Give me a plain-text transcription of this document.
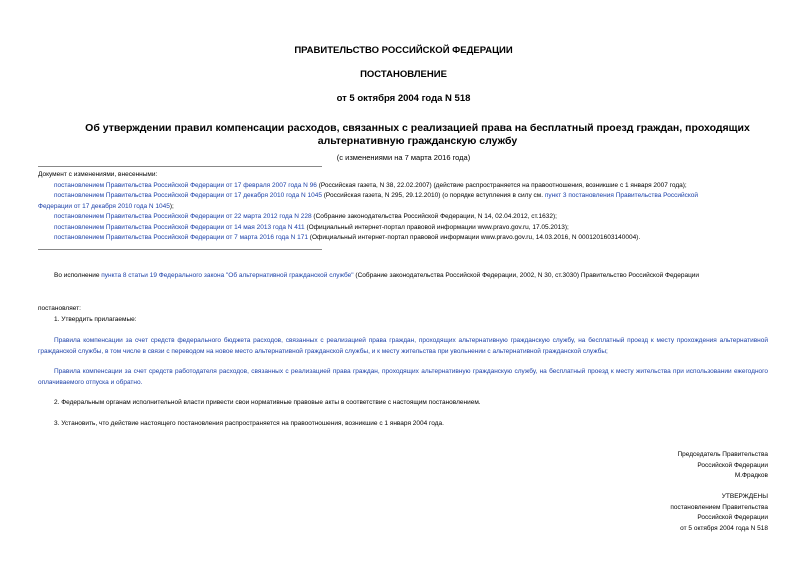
ПРАВИТЕЛЬСТВО РОССИЙСКОЙ ФЕДЕРАЦИИ
ПОСТАНОВЛЕНИЕ
от 5 октября 2004 года N 518
Об утверждении правил компенсации расходов, связанных с реализацией права на бесплатный проезд граждан, проходящих альтернативную гражданскую службу
(с изменениями на 7 марта 2016 года)
Документ с изменениями, внесенными:
постановлением Правительства Российской Федерации от 17 февраля 2007 года N 96 (Российская газета, N 38, 22.02.2007) (действие распространяется на правоотношения, возникшие с 1 января 2007 года);
постановлением Правительства Российской Федерации от 17 декабря 2010 года N 1045 (Российская газета, N 295, 29.12.2010) (о порядке вступления в силу см. пункт 3 постановления Правительства Российской
Федерации от 17 декабря 2010 года N 1045);
постановлением Правительства Российской Федерации от 22 марта 2012 года N 228 (Собрание законодательства Российской Федерации, N 14, 02.04.2012, ст.1632);
постановлением Правительства Российской Федерации от 14 мая 2013 года N 411 (Официальный интернет-портал правовой информации www.pravo.gov.ru, 17.05.2013);
постановлением Правительства Российской Федерации от 7 марта 2016 года N 171 (Официальный интернет-портал правовой информации www.pravo.gov.ru, 14.03.2016, N 0001201603140004).
Во исполнение пункта 8 статьи 19 Федерального закона "Об альтернативной гражданской службе" (Собрание законодательства Российской Федерации, 2002, N 30, ст.3030) Правительство Российской Федерации
постановляет:
1. Утвердить прилагаемые:
Правила компенсации за счет средств федерального бюджета расходов, связанных с реализацией права граждан, проходящих альтернативную гражданскую службу, на бесплатный проезд к месту прохождения альтернативной гражданской службы, в том числе в связи с переводом на новое место альтернативной гражданской службы, и к месту жительства при увольнении с альтернативной гражданской службы;
Правила компенсации за счет средств работодателя расходов, связанных с реализацией права граждан, проходящих альтернативную гражданскую службу, на бесплатный проезд к месту жительства при использовании ежегодного оплачиваемого отпуска и обратно.
2. Федеральным органам исполнительной власти привести свои нормативные правовые акты в соответствие с настоящим постановлением.
3. Установить, что действие настоящего постановления распространяется на правоотношения, возникшие с 1 января 2004 года.
Председатель Правительства
Российской Федерации
М.Фрадков
УТВЕРЖДЕНЫ
постановлением Правительства
Российской Федерации
от 5 октября 2004 года N 518
